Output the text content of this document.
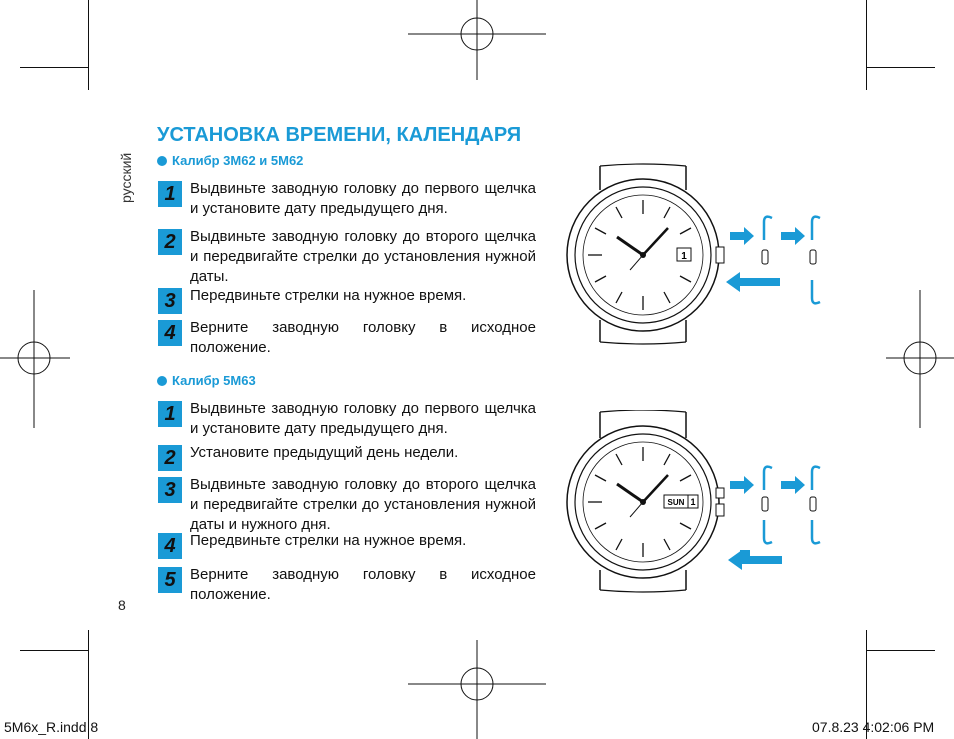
русский
УСТАНОВКА ВРЕМЕНИ, КАЛЕНДАРЯ
Калибр 3M62 и 5M62
1 Выдвиньте заводную головку до первого щелчка и установите дату предыдущего дня.
2 Выдвиньте заводную головку до второго щелчка и передвигайте стрелки до установления нужной даты.
3 Передвиньте стрелки на нужное время.
4 Верните заводную головку в исходное положение.
Калибр 5M63
1 Выдвиньте заводную головку до первого щелчка и установите дату предыдущего дня.
2 Установите предыдущий день недели.
3 Выдвиньте заводную головку до второго щелчка и передвигайте стрелки до установления нужной даты и нужного дня.
4 Передвиньте стрелки на нужное время.
5 Верните заводную головку в исходное положение.
1
SUN 1
8
5M6x_R.indd 8	07.8.23 4:02:06 PM
